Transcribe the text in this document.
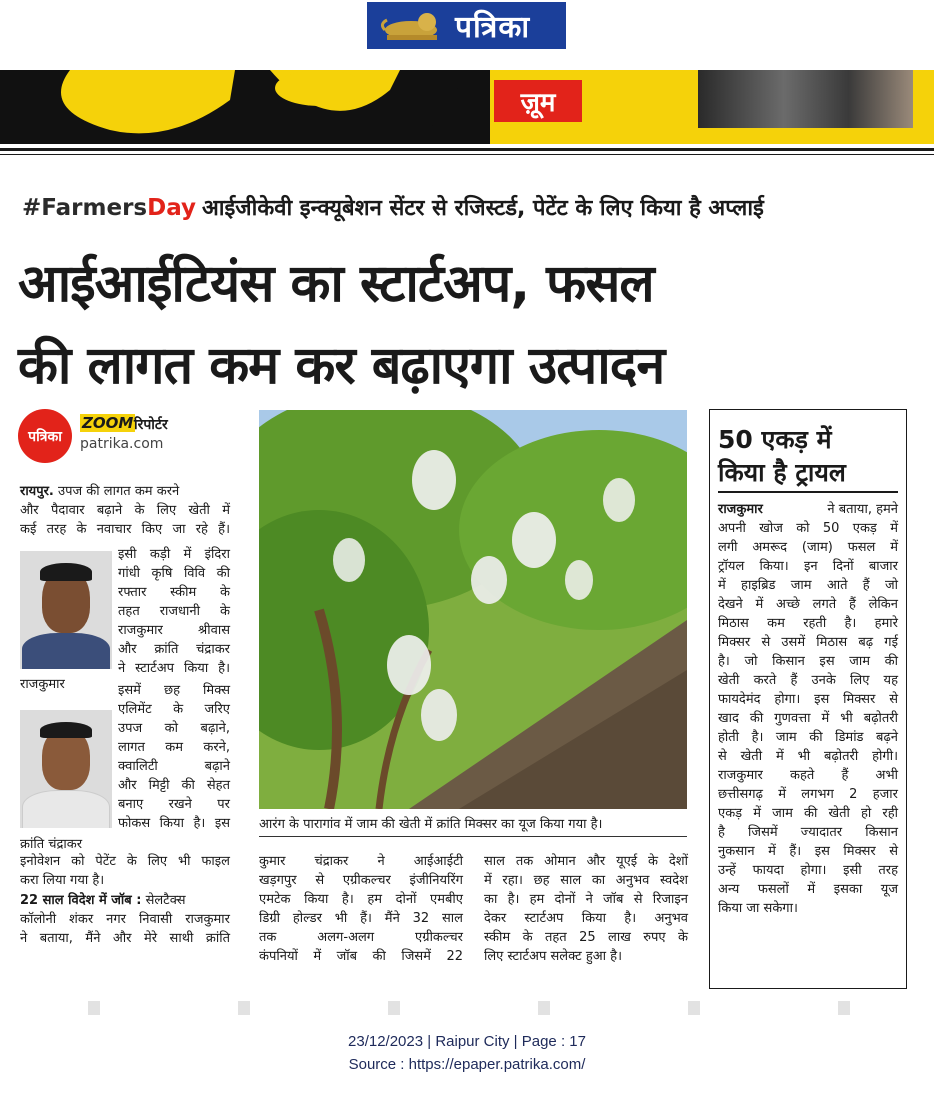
पत्रिका
ज़ूम
#FarmersDay आईजीकेवी इन्क्यूबेशन सेंटर से रजिस्टर्ड, पेटेंट के लिए किया है अप्लाई
आईआईटियंस का स्टार्टअप, फसल
की लागत कम कर बढ़ाएगा उत्पादन
पत्रिका
ZOOM रिपोर्टर
patrika.com
रायपुर. उपज की लागत कम करने
और पैदावार बढ़ाने के लिए खेती में
कई तरह के नवाचार किए जा रहे हैं।
इसी कड़ी में इंदिरा
गांधी कृषि विवि की
रफ्तार स्कीम के
तहत राजधानी के
राजकुमार श्रीवास
और क्रांति चंद्राकर
ने स्टार्टअप किया है।
इसमें छह मिक्स
एलिमेंट के जरिए
उपज को बढ़ाने,
लागत कम करने,
क्वालिटी बढ़ाने
और मिट्टी की सेहत
बनाए रखने पर
फोकस किया है। इस
इनोवेशन को पेटेंट के लिए भी फाइल
करा लिया गया है।
22 साल विदेश में जॉब : सेलटैक्स
कॉलोनी शंकर नगर निवासी राजकुमार
ने बताया, मैंने और मेरे साथी क्रांति
राजकुमार
क्रांति चंद्राकर
आरंग के पारागांव में जाम की खेती में क्रांति मिक्सर का यूज किया गया है।
कुमार चंद्राकर ने आईआईटी
खड़गपुर से एग्रीकल्चर इंजीनियरिंग
एमटेक किया है। हम दोनों एमबीए
डिग्री होल्डर भी हैं। मैंने 32 साल
तक अलग-अलग एग्रीकल्चर
कंपनियों में जॉब की जिसमें 22
साल तक ओमान और यूएई के देशों
में रहा। छह साल का अनुभव स्वदेश
का है। हम दोनों ने जॉब से रिजाइन
देकर स्टार्टअप किया है। अनुभव
स्कीम के तहत 25 लाख रुपए के
लिए स्टार्टअप सलेक्ट हुआ है।
50 एकड़ में
किया है ट्रायल
राजकुमार	ने बताया, हमने
अपनी खोज को 50 एकड़ में
लगी अमरूद (जाम) फसल में
ट्रॉयल किया। इन दिनों बाजार
में हाइब्रिड जाम आते हैं जो
देखने में अच्छे लगते हैं लेकिन
मिठास कम रहती है। हमारे
मिक्सर से उसमें मिठास बढ़ गई
है। जो किसान इस जाम की
खेती करते हैं उनके लिए यह
फायदेमंद होगा। इस मिक्सर से
खाद की गुणवत्ता में भी बढ़ोतरी
होती है। जाम की डिमांड बढ़ने
से खेती में भी बढ़ोतरी होगी।
राजकुमार कहते हैं अभी
छत्तीसगढ़ में लगभग 2 हजार
एकड़ में जाम की खेती हो रही
है जिसमें ज्यादातर किसान
नुकसान में हैं। इस मिक्सर से
उन्हें फायदा होगा। इसी तरह
अन्य फसलों में इसका यूज
किया जा सकेगा।
23/12/2023 | Raipur City | Page : 17
Source : https://epaper.patrika.com/
